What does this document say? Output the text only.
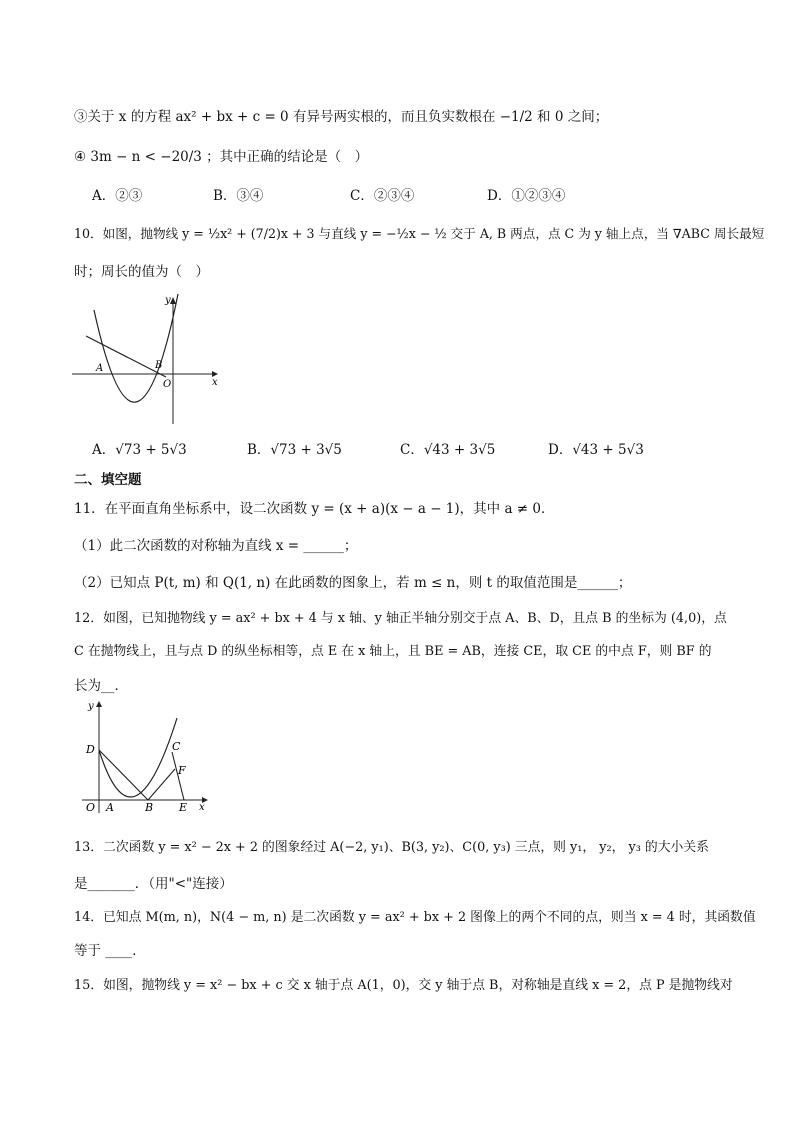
③关于 x 的方程 ax² + bx + c = 0 有异号两实根的，而且负实数根在 −1/2 和 0 之间；
④ 3m − n < −20/3 ；其中正确的结论是（　）
A．②③	B．③④	C．②③④	D．①②③④
10．如图，抛物线 y = ½x² + (7/2)x + 3 与直线 y = −½x − ½ 交于 A, B 两点，点 C 为 y 轴上点，当 ∇ABC 周长最短
时；周长的值为（　）
y
x
A	B
O
A．√73 + 5√3	B．√73 + 3√5	C．√43 + 3√5	D．√43 + 5√3
二、填空题
11．在平面直角坐标系中，设二次函数 y = (x + a)(x − a − 1)，其中 a ≠ 0．
（1）此二次函数的对称轴为直线 x = ______；
（2）已知点 P(t, m) 和 Q(1, n) 在此函数的图象上，若 m ≤ n，则 t 的取值范围是______；
12．如图，已知抛物线 y = ax² + bx + 4 与 x 轴、y 轴正半轴分别交于点 A、B、D，且点 B 的坐标为 (4,0)，点
C 在抛物线上，且与点 D 的纵坐标相等，点 E 在 x 轴上，且 BE = AB，连接 CE，取 CE 的中点 F，则 BF 的
长为__．
y
x
D	C
F
O A	B E
13．二次函数 y = x² − 2x + 2 的图象经过 A(−2, y₁)、B(3, y₂)、C(0, y₃) 三点，则 y₁， y₂， y₃ 的大小关系
是_______．（用"<"连接）
14．已知点 M(m, n)，N(4 − m, n) 是二次函数 y = ax² + bx + 2 图像上的两个不同的点，则当 x = 4 时，其函数值
等于 ____．
15．如图，抛物线 y = x² − bx + c 交 x 轴于点 A(1，0)，交 y 轴于点 B，对称轴是直线 x = 2，点 P 是抛物线对
